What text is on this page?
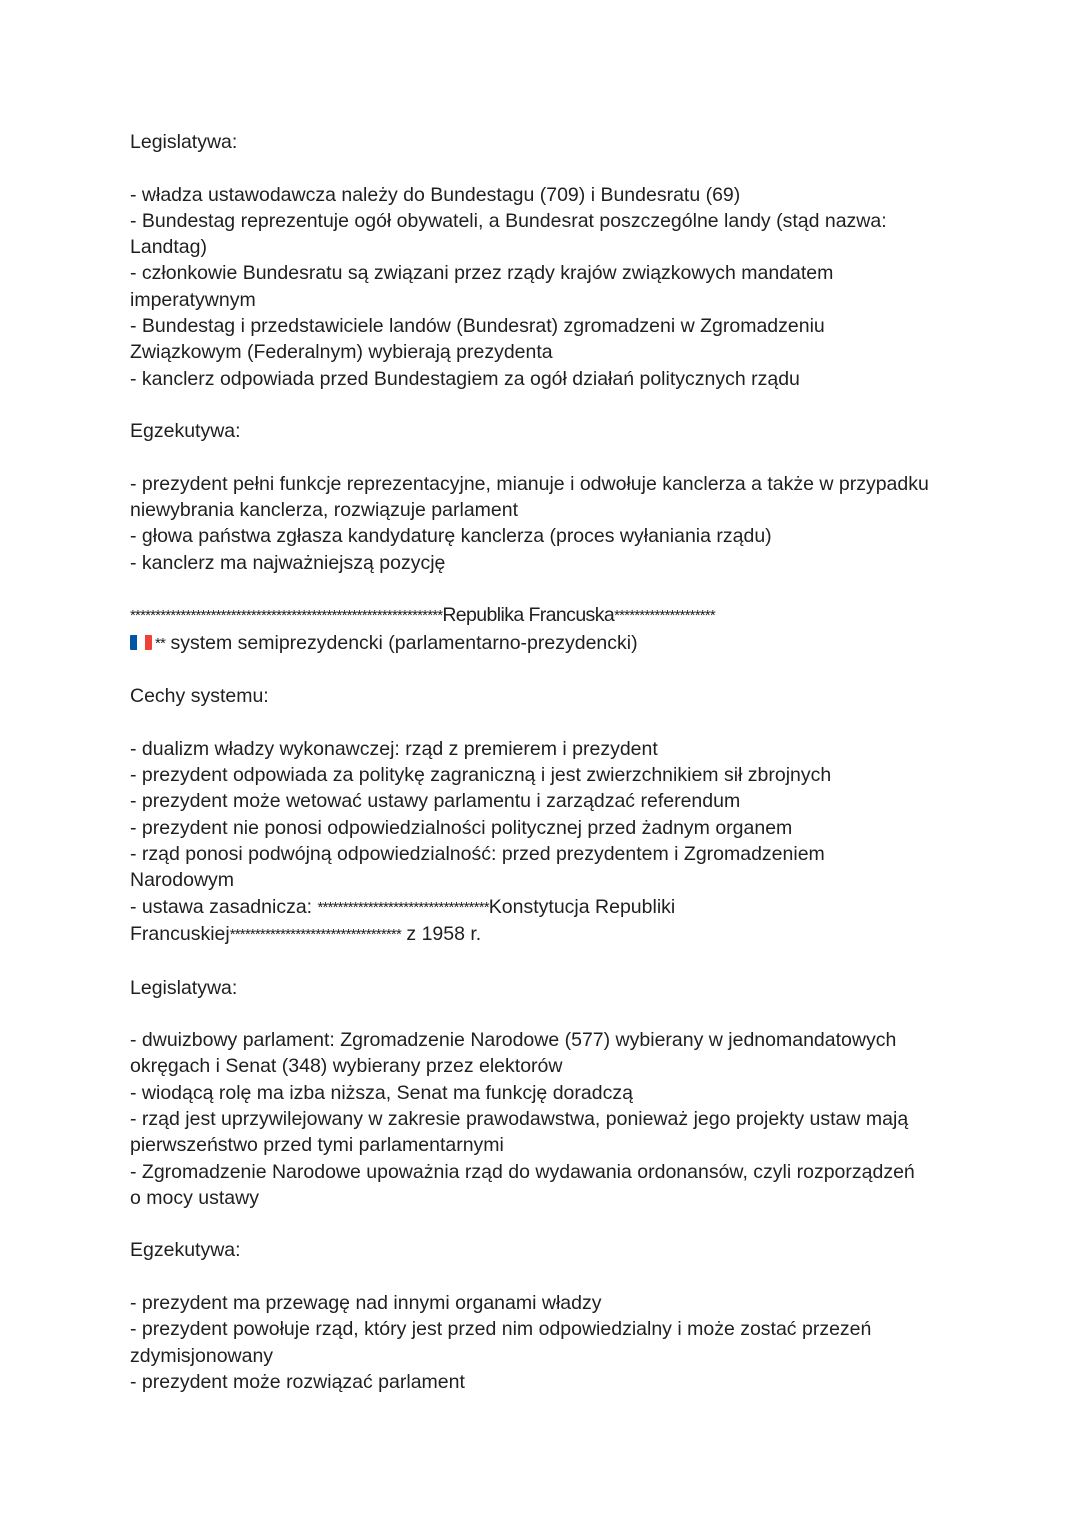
Legislatywa:
- władza ustawodawcza należy do Bundestagu (709) i Bundesratu (69)
- Bundestag reprezentuje ogół obywateli, a Bundesrat poszczególne landy (stąd nazwa:
Landtag)
- członkowie Bundesratu są związani przez rządy krajów związkowych mandatem
imperatywnym
- Bundestag i przedstawiciele landów (Bundesrat) zgromadzeni w Zgromadzeniu
Związkowym (Federalnym) wybierają prezydenta
- kanclerz odpowiada przed Bundestagiem za ogół działań politycznych rządu
Egzekutywa:
- prezydent pełni funkcje reprezentacyjne, mianuje i odwołuje kanclerza a także w przypadku
niewybrania kanclerza, rozwiązuje parlament
- głowa państwa zgłasza kandydaturę kanclerza (proces wyłaniania rządu)
- kanclerz ma najważniejszą pozycję
**************************************************************Republika Francuska********************
** system semiprezydencki (parlamentarno-prezydencki)
Cechy systemu:
- dualizm władzy wykonawczej: rząd z premierem i prezydent
- prezydent odpowiada za politykę zagraniczną i jest zwierzchnikiem sił zbrojnych
- prezydent może wetować ustawy parlamentu i zarządzać referendum
- prezydent nie ponosi odpowiedzialności politycznej przed żadnym organem
- rząd ponosi podwójną odpowiedzialność: przed prezydentem i Zgromadzeniem
Narodowym
- ustawa zasadnicza: **********************************Konstytucja Republiki
Francuskiej********************************** z 1958 r.
Legislatywa:
- dwuizbowy parlament: Zgromadzenie Narodowe (577) wybierany w jednomandatowych
okręgach i Senat (348) wybierany przez elektorów
- wiodącą rolę ma izba niższa, Senat ma funkcję doradczą
- rząd jest uprzywilejowany w zakresie prawodawstwa, ponieważ jego projekty ustaw mają
pierwszeństwo przed tymi parlamentarnymi
- Zgromadzenie Narodowe upoważnia rząd do wydawania ordonansów, czyli rozporządzeń
o mocy ustawy
Egzekutywa:
- prezydent ma przewagę nad innymi organami władzy
- prezydent powołuje rząd, który jest przed nim odpowiedzialny i może zostać przezeń
zdymisjonowany
- prezydent może rozwiązać parlament
